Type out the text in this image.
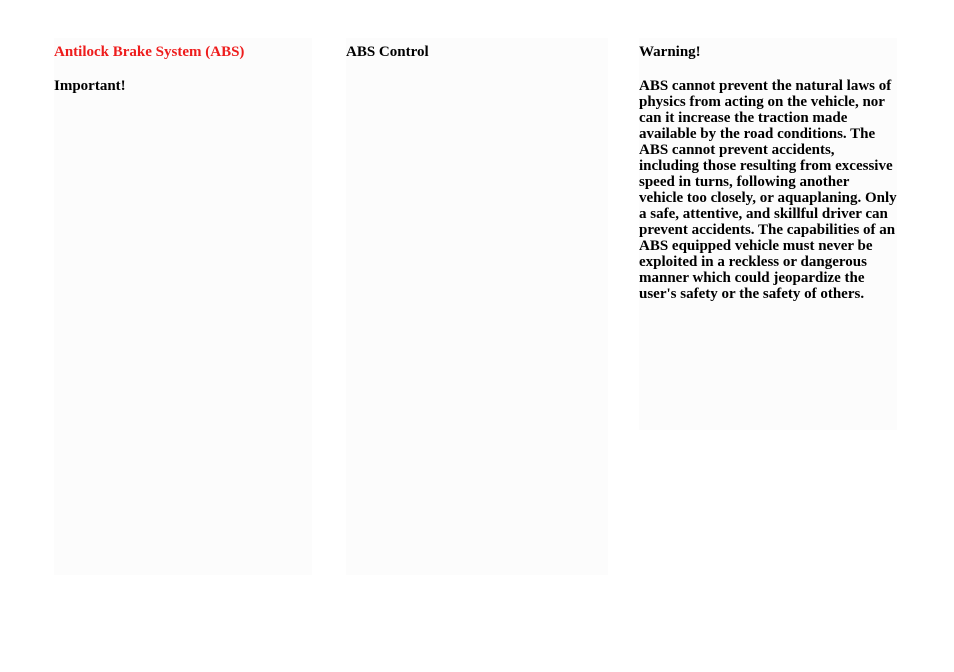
Antilock Brake System (ABS)
Important!
ABS Control	Warning!

ABS cannot prevent the natural laws of physics from acting on the vehicle, nor can it increase the traction made available by the road conditions. The ABS cannot prevent accidents, including those resulting from excessive speed in turns, following another vehicle too closely, or aquaplaning. Only a safe, attentive, and skillful driver can prevent accidents. The capabilities of an ABS equipped vehicle must never be exploited in a reckless or dangerous manner which could jeopardize the user's safety or the safety of others.
